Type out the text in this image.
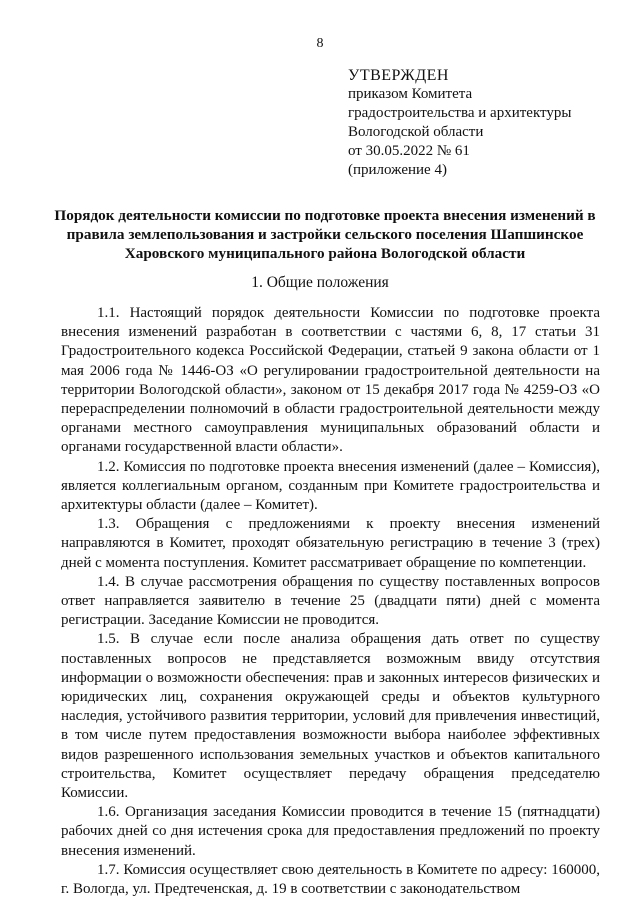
8
УТВЕРЖДЕН
приказом Комитета
градостроительства и архитектуры
Вологодской области
от 30.05.2022 № 61
(приложение 4)
Порядок деятельности комиссии по подготовке проекта внесения изменений в правила землепользования и застройки сельского поселения Шапшинское Харовского муниципального района Вологодской области
1. Общие положения

1.1. Настоящий порядок деятельности Комиссии по подготовке проекта внесения изменений разработан в соответствии с частями 6, 8, 17 статьи 31 Градостроительного кодекса Российской Федерации, статьей 9 закона области от 1 мая 2006 года № 1446-ОЗ «О регулировании градостроительной деятельности на территории Вологодской области», законом от 15 декабря 2017 года № 4259-ОЗ «О перераспределении полномочий в области градостроительной деятельности между органами местного самоуправления муниципальных образований области и органами государственной власти области».

1.2. Комиссия по подготовке проекта внесения изменений (далее – Комиссия), является коллегиальным органом, созданным при Комитете градостроительства и архитектуры области (далее – Комитет).

1.3. Обращения с предложениями к проекту внесения изменений направляются в Комитет, проходят обязательную регистрацию в течение 3 (трех) дней с момента поступления. Комитет рассматривает обращение по компетенции.

1.4. В случае рассмотрения обращения по существу поставленных вопросов ответ направляется заявителю в течение 25 (двадцати пяти) дней с момента регистрации. Заседание Комиссии не проводится.

1.5. В случае если после анализа обращения дать ответ по существу поставленных вопросов не представляется возможным ввиду отсутствия информации о возможности обеспечения: прав и законных интересов физических и юридических лиц, сохранения окружающей среды и объектов культурного наследия, устойчивого развития территории, условий для привлечения инвестиций, в том числе путем предоставления возможности выбора наиболее эффективных видов разрешенного использования земельных участков и объектов капитального строительства, Комитет осуществляет передачу обращения председателю Комиссии.

1.6. Организация заседания Комиссии проводится в течение 15 (пятнадцати) рабочих дней со дня истечения срока для предоставления предложений по проекту внесения изменений.

1.7. Комиссия осуществляет свою деятельность в Комитете по адресу: 160000, г. Вологда, ул. Предтеченская, д. 19 в соответствии с законодательством
